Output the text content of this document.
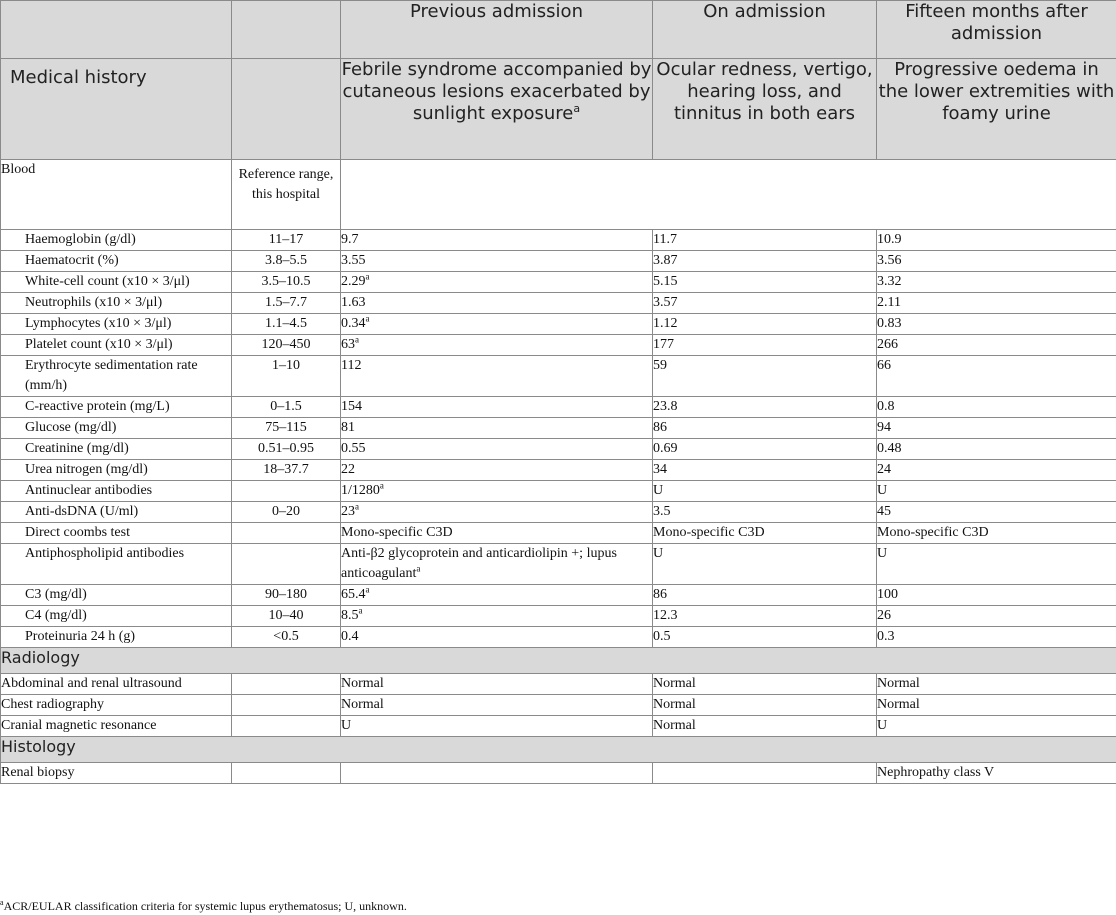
		Previous admission	On admission	Fifteen months after admission
Medical history		Febrile syndrome accompanied by cutaneous lesions exacerbated by sunlight exposure$^a$	Ocular redness, vertigo, hearing loss, and tinnitus in both ears	Progressive oedema in the lower extremities with foamy urine
Blood	Reference range, this hospital			
Haemoglobin (g/dl)	11–17	9.7	11.7	10.9
Haematocrit (%)	3.8–5.5	3.55	3.87	3.56
White-cell count (x10 × 3/μl)	3.5–10.5	2.29$^a$	5.15	3.32
Neutrophils (x10 × 3/μl)	1.5–7.7	1.63	3.57	2.11
Lymphocytes (x10 × 3/μl)	1.1–4.5	0.34$^a$	1.12	0.83
Platelet count (x10 × 3/μl)	120–450	63$^a$	177	266
Erythrocyte sedimentation rate (mm/h)	1–10	112	59	66
C-reactive protein (mg/L)	0–1.5	154	23.8	0.8
Glucose (mg/dl)	75–115	81	86	94
Creatinine (mg/dl)	0.51–0.95	0.55	0.69	0.48
Urea nitrogen (mg/dl)	18–37.7	22	34	24
Antinuclear antibodies		1/1280$^a$	U	U
Anti-dsDNA (U/ml)	0–20	23$^a$	3.5	45
Direct coombs test		Mono-specific C3D	Mono-specific C3D	Mono-specific C3D
Antiphospholipid antibodies		Anti-β2 glycoprotein and anticardiolipin +; lupus anticoagulant$^a$	U	U
C3 (mg/dl)	90–180	65.4$^a$	86	100
C4 (mg/dl)	10–40	8.5$^a$	12.3	26
Proteinuria 24 h (g)	<0.5	0.4	0.5	0.3
Radiology				
Abdominal and renal ultrasound		Normal	Normal	Normal
Chest radiography		Normal	Normal	Normal
Cranial magnetic resonance		U	Normal	U
Histology				
Renal biopsy				Nephropathy class V
$^a$ACR/EULAR classification criteria for systemic lupus erythematosus; U, unknown.
